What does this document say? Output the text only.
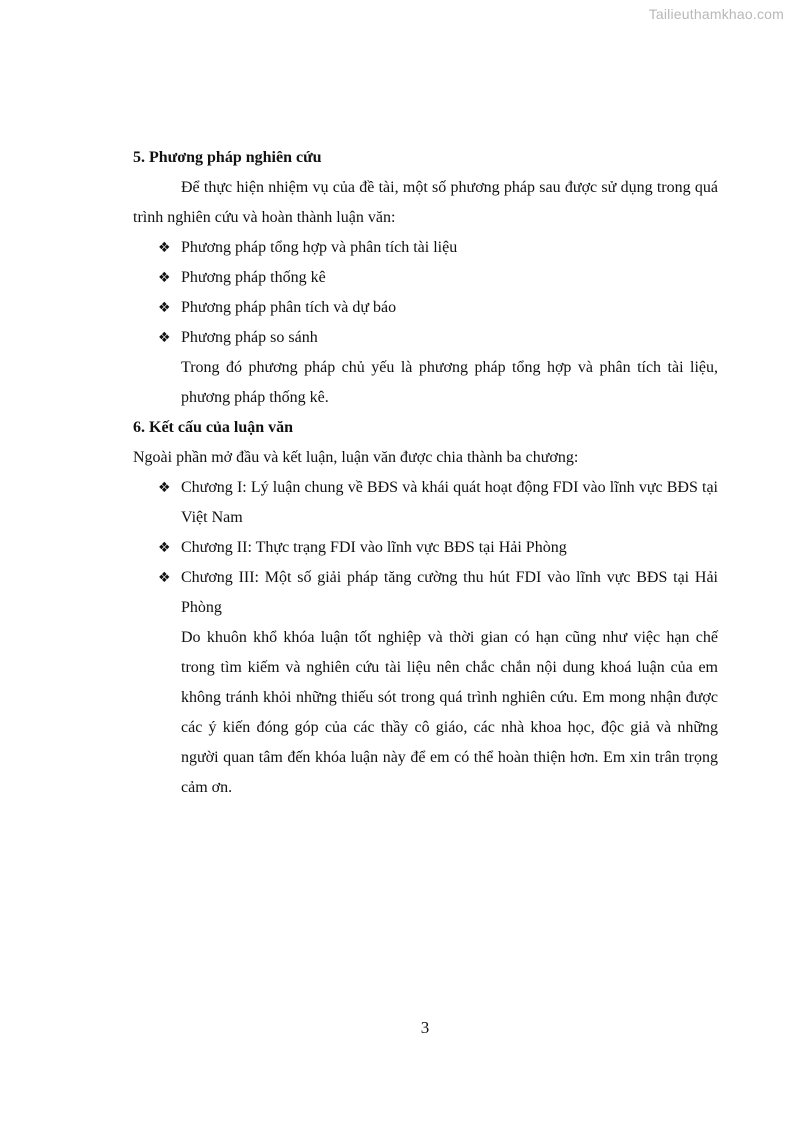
Tailieuthamkhao.com

5. Phương pháp nghiên cứu

Để thực hiện nhiệm vụ của đề tài, một số phương pháp sau được sử dụng trong quá trình nghiên cứu và hoàn thành luận văn:

❖ Phương pháp tổng hợp và phân tích tài liệu

❖ Phương pháp thống kê

❖ Phương pháp phân tích và dự báo

❖ Phương pháp so sánh

Trong đó phương pháp chủ yếu là phương pháp tổng hợp và phân tích tài liệu, phương pháp thống kê.

6. Kết cấu của luận văn

Ngoài phần mở đầu và kết luận, luận văn được chia thành ba chương:

❖ Chương I: Lý luận chung về BĐS và khái quát hoạt động FDI vào lĩnh vực BĐS tại Việt Nam

❖ Chương II: Thực trạng FDI vào lĩnh vực BĐS tại Hải Phòng

❖ Chương III: Một số giải pháp tăng cường thu hút FDI vào lĩnh vực BĐS tại Hải Phòng

Do khuôn khổ khóa luận tốt nghiệp và thời gian có hạn cũng như việc hạn chế trong tìm kiếm và nghiên cứu tài liệu nên chắc chắn nội dung khoá luận của em không tránh khỏi những thiếu sót trong quá trình nghiên cứu. Em mong nhận được các ý kiến đóng góp của các thầy cô giáo, các nhà khoa học, độc giả và những người quan tâm đến khóa luận này để em có thể hoàn thiện hơn. Em xin trân trọng cảm ơn.

3
